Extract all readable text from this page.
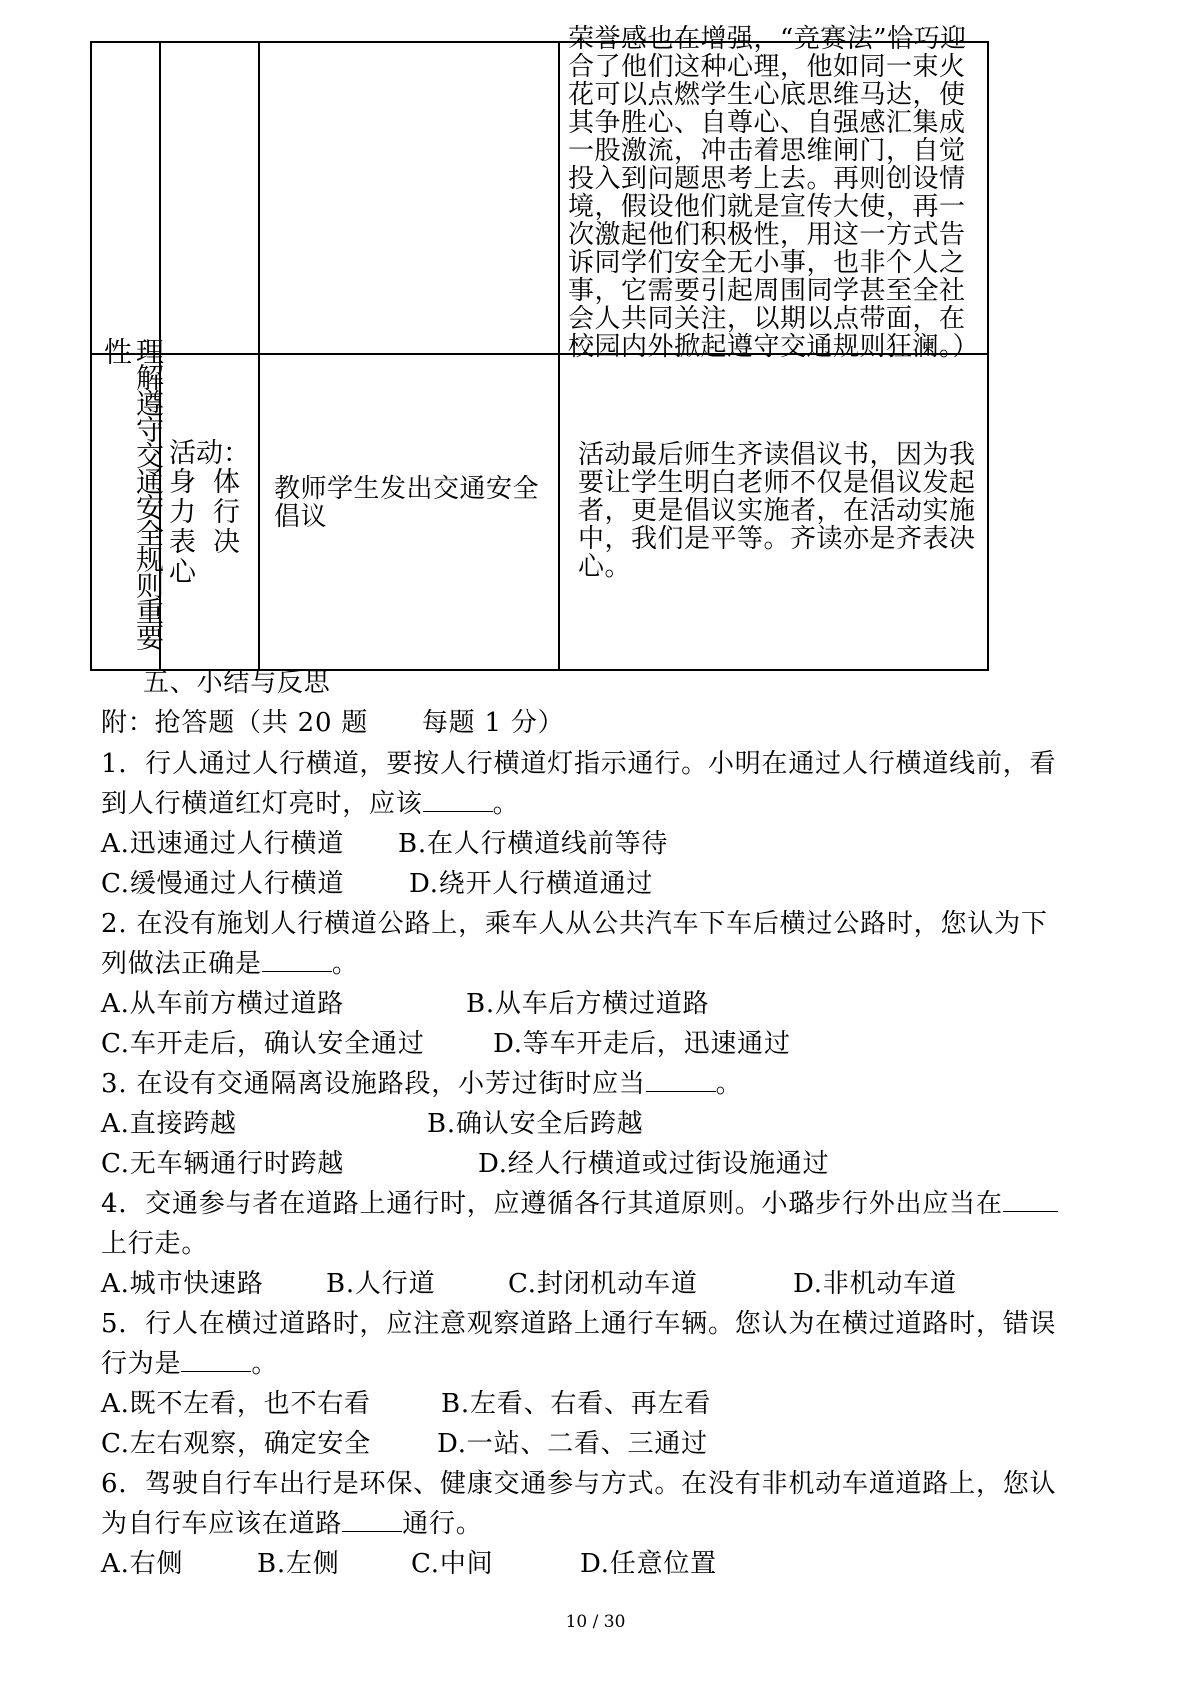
			荣誉感也在增强，“竞赛法”恰巧迎合了他们这种心理，他如同一束火花可以点燃学生心底思维马达，使其争胜心、自尊心、自强感汇集成一股激流，冲击着思维闸门，自觉投入到问题思考上去。再则创设情境，假设他们就是宣传大使，再一次激起他们积极性，用这一方式告诉同学们安全无小事，也非个人之事，它需要引起周围同学甚至全社会人共同关注，以期以点带面，在校园内外掀起遵守交通规则狂澜。）

理解遵守交通安全规则重要性	活动：
身 体
力 行
表 决
心	教师学生发出交通安全倡议	活动最后师生齐读倡议书，因为我要让学生明白老师不仅是倡议发起者，更是倡议实施者，在活动实施中，我们是平等。齐读亦是齐表决心。
五、小结与反思
附：抢答题（共 20 题　　每题 1 分）
1．行人通过人行横道，要按人行横道灯指示通行。小明在通过人行横道线前，看
到人行横道红灯亮时，应该	。
A.迅速通过人行横道 B.在人行横道线前等待
C.缓慢通过人行横道 D.绕开人行横道通过
2. 在没有施划人行横道公路上，乘车人从公共汽车下车后横过公路时，您认为下
列做法正确是	。
A.从车前方横过道路	B.从车后方横过道路
C.车开走后，确认安全通过	D.等车开走后，迅速通过
3. 在设有交通隔离设施路段，小芳过街时应当	。
A.直接跨越	B.确认安全后跨越
C.无车辆通行时跨越	D.经人行横道或过街设施通过
4．交通参与者在道路上通行时，应遵循各行其道原则。小璐步行外出应当在
上行走。
A.城市快速路 B.人行道	C.封闭机动车道	D.非机动车道
5．行人在横过道路时，应注意观察道路上通行车辆。您认为在横过道路时，错误
行为是	。
A.既不左看，也不右看	B.左看、右看、再左看
C.左右观察，确定安全	D.一站、二看、三通过
6．驾驶自行车出行是环保、健康交通参与方式。在没有非机动车道道路上，您认
为自行车应该在道路 通行。
A.右侧	B.左侧	C.中间	D.任意位置
10 / 30
